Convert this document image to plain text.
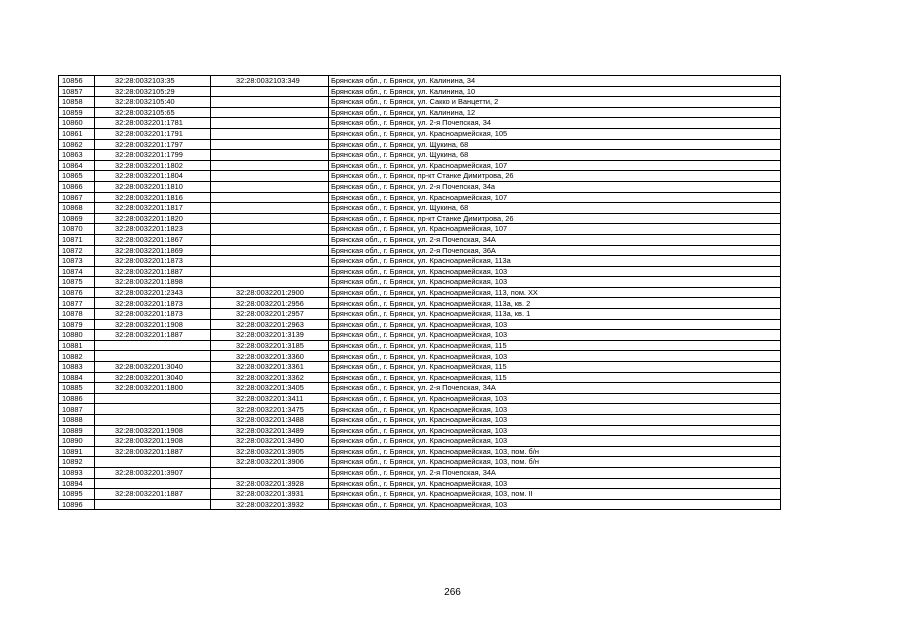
10856	32:28:0032103:35	32:28:0032103:349	Брянская обл., г. Брянск, ул. Калинина, 34
10857	32:28:0032105:29		Брянская обл., г. Брянск, ул. Калинина, 10
10858	32:28:0032105:40		Брянская обл., г. Брянск, ул. Сакко и Ванцетти, 2
10859	32:28:0032105:65		Брянская обл., г. Брянск, ул. Калинина, 12
10860	32:28:0032201:1781		Брянская обл., г. Брянск, ул. 2-я Почепская, 34
10861	32:28:0032201:1791		Брянская обл., г. Брянск, ул. Красноармейская, 105
10862	32:28:0032201:1797		Брянская обл., г. Брянск, ул. Щукина, 68
10863	32:28:0032201:1799		Брянская обл., г. Брянск, ул. Щукина, 68
10864	32:28:0032201:1802		Брянская обл., г. Брянск, ул. Красноармейская, 107
10865	32:28:0032201:1804		Брянская обл., г. Брянск, пр-кт Станке Димитрова, 26
10866	32:28:0032201:1810		Брянская обл., г. Брянск, ул. 2-я Почепская, 34а
10867	32:28:0032201:1816		Брянская обл., г. Брянск, ул. Красноармейская, 107
10868	32:28:0032201:1817		Брянская обл., г. Брянск, ул. Щукина, 68
10869	32:28:0032201:1820		Брянская обл., г. Брянск, пр-кт Станке Димитрова, 26
10870	32:28:0032201:1823		Брянская обл., г. Брянск, ул. Красноармейская, 107
10871	32:28:0032201:1867		Брянская обл., г. Брянск, ул. 2-я Почепская, 34А
10872	32:28:0032201:1869		Брянская обл., г. Брянск, ул. 2-я Почепская, 36А
10873	32:28:0032201:1873		Брянская обл., г. Брянск, ул. Красноармейская, 113а
10874	32:28:0032201:1887		Брянская обл., г. Брянск, ул. Красноармейская, 103
10875	32:28:0032201:1898		Брянская обл., г. Брянск, ул. Красноармейская, 103
10876	32:28:0032201:2343	32:28:0032201:2900	Брянская обл., г. Брянск, ул. Красноармейская, 113, пом. XX
10877	32:28:0032201:1873	32:28:0032201:2956	Брянская обл., г. Брянск, ул. Красноармейская, 113а, кв. 2
10878	32:28:0032201:1873	32:28:0032201:2957	Брянская обл., г. Брянск, ул. Красноармейская, 113а, кв. 1
10879	32:28:0032201:1908	32:28:0032201:2963	Брянская обл., г. Брянск, ул. Красноармейская, 103
10880	32:28:0032201:1887	32:28:0032201:3139	Брянская обл., г. Брянск, ул. Красноармейская, 103
10881		32:28:0032201:3185	Брянская обл., г. Брянск, ул. Красноармейская, 115
10882		32:28:0032201:3360	Брянская обл., г. Брянск, ул. Красноармейская, 103
10883	32:28:0032201:3040	32:28:0032201:3361	Брянская обл., г. Брянск, ул. Красноармейская, 115
10884	32:28:0032201:3040	32:28:0032201:3362	Брянская обл., г. Брянск, ул. Красноармейская, 115
10885	32:28:0032201:1800	32:28:0032201:3405	Брянская обл., г. Брянск, ул. 2-я Почепская, 34А
10886		32:28:0032201:3411	Брянская обл., г. Брянск, ул. Красноармейская, 103
10887		32:28:0032201:3475	Брянская обл., г. Брянск, ул. Красноармейская, 103
10888		32:28:0032201:3488	Брянская обл., г. Брянск, ул. Красноармейская, 103
10889	32:28:0032201:1908	32:28:0032201:3489	Брянская обл., г. Брянск, ул. Красноармейская, 103
10890	32:28:0032201:1908	32:28:0032201:3490	Брянская обл., г. Брянск, ул. Красноармейская, 103
10891	32:28:0032201:1887	32:28:0032201:3905	Брянская обл., г. Брянск, ул. Красноармейская, 103, пом. б/н
10892		32:28:0032201:3906	Брянская обл., г. Брянск, ул. Красноармейская, 103, пом. б/н
10893	32:28:0032201:3907		Брянская обл., г. Брянск, ул. 2-я Почепская, 34А
10894		32:28:0032201:3928	Брянская обл., г. Брянск, ул. Красноармейская, 103
10895	32:28:0032201:1887	32:28:0032201:3931	Брянская обл., г. Брянск, ул. Красноармейская, 103, пом. II
10896		32:28:0032201:3932	Брянская обл., г. Брянск, ул. Красноармейская, 103
266
